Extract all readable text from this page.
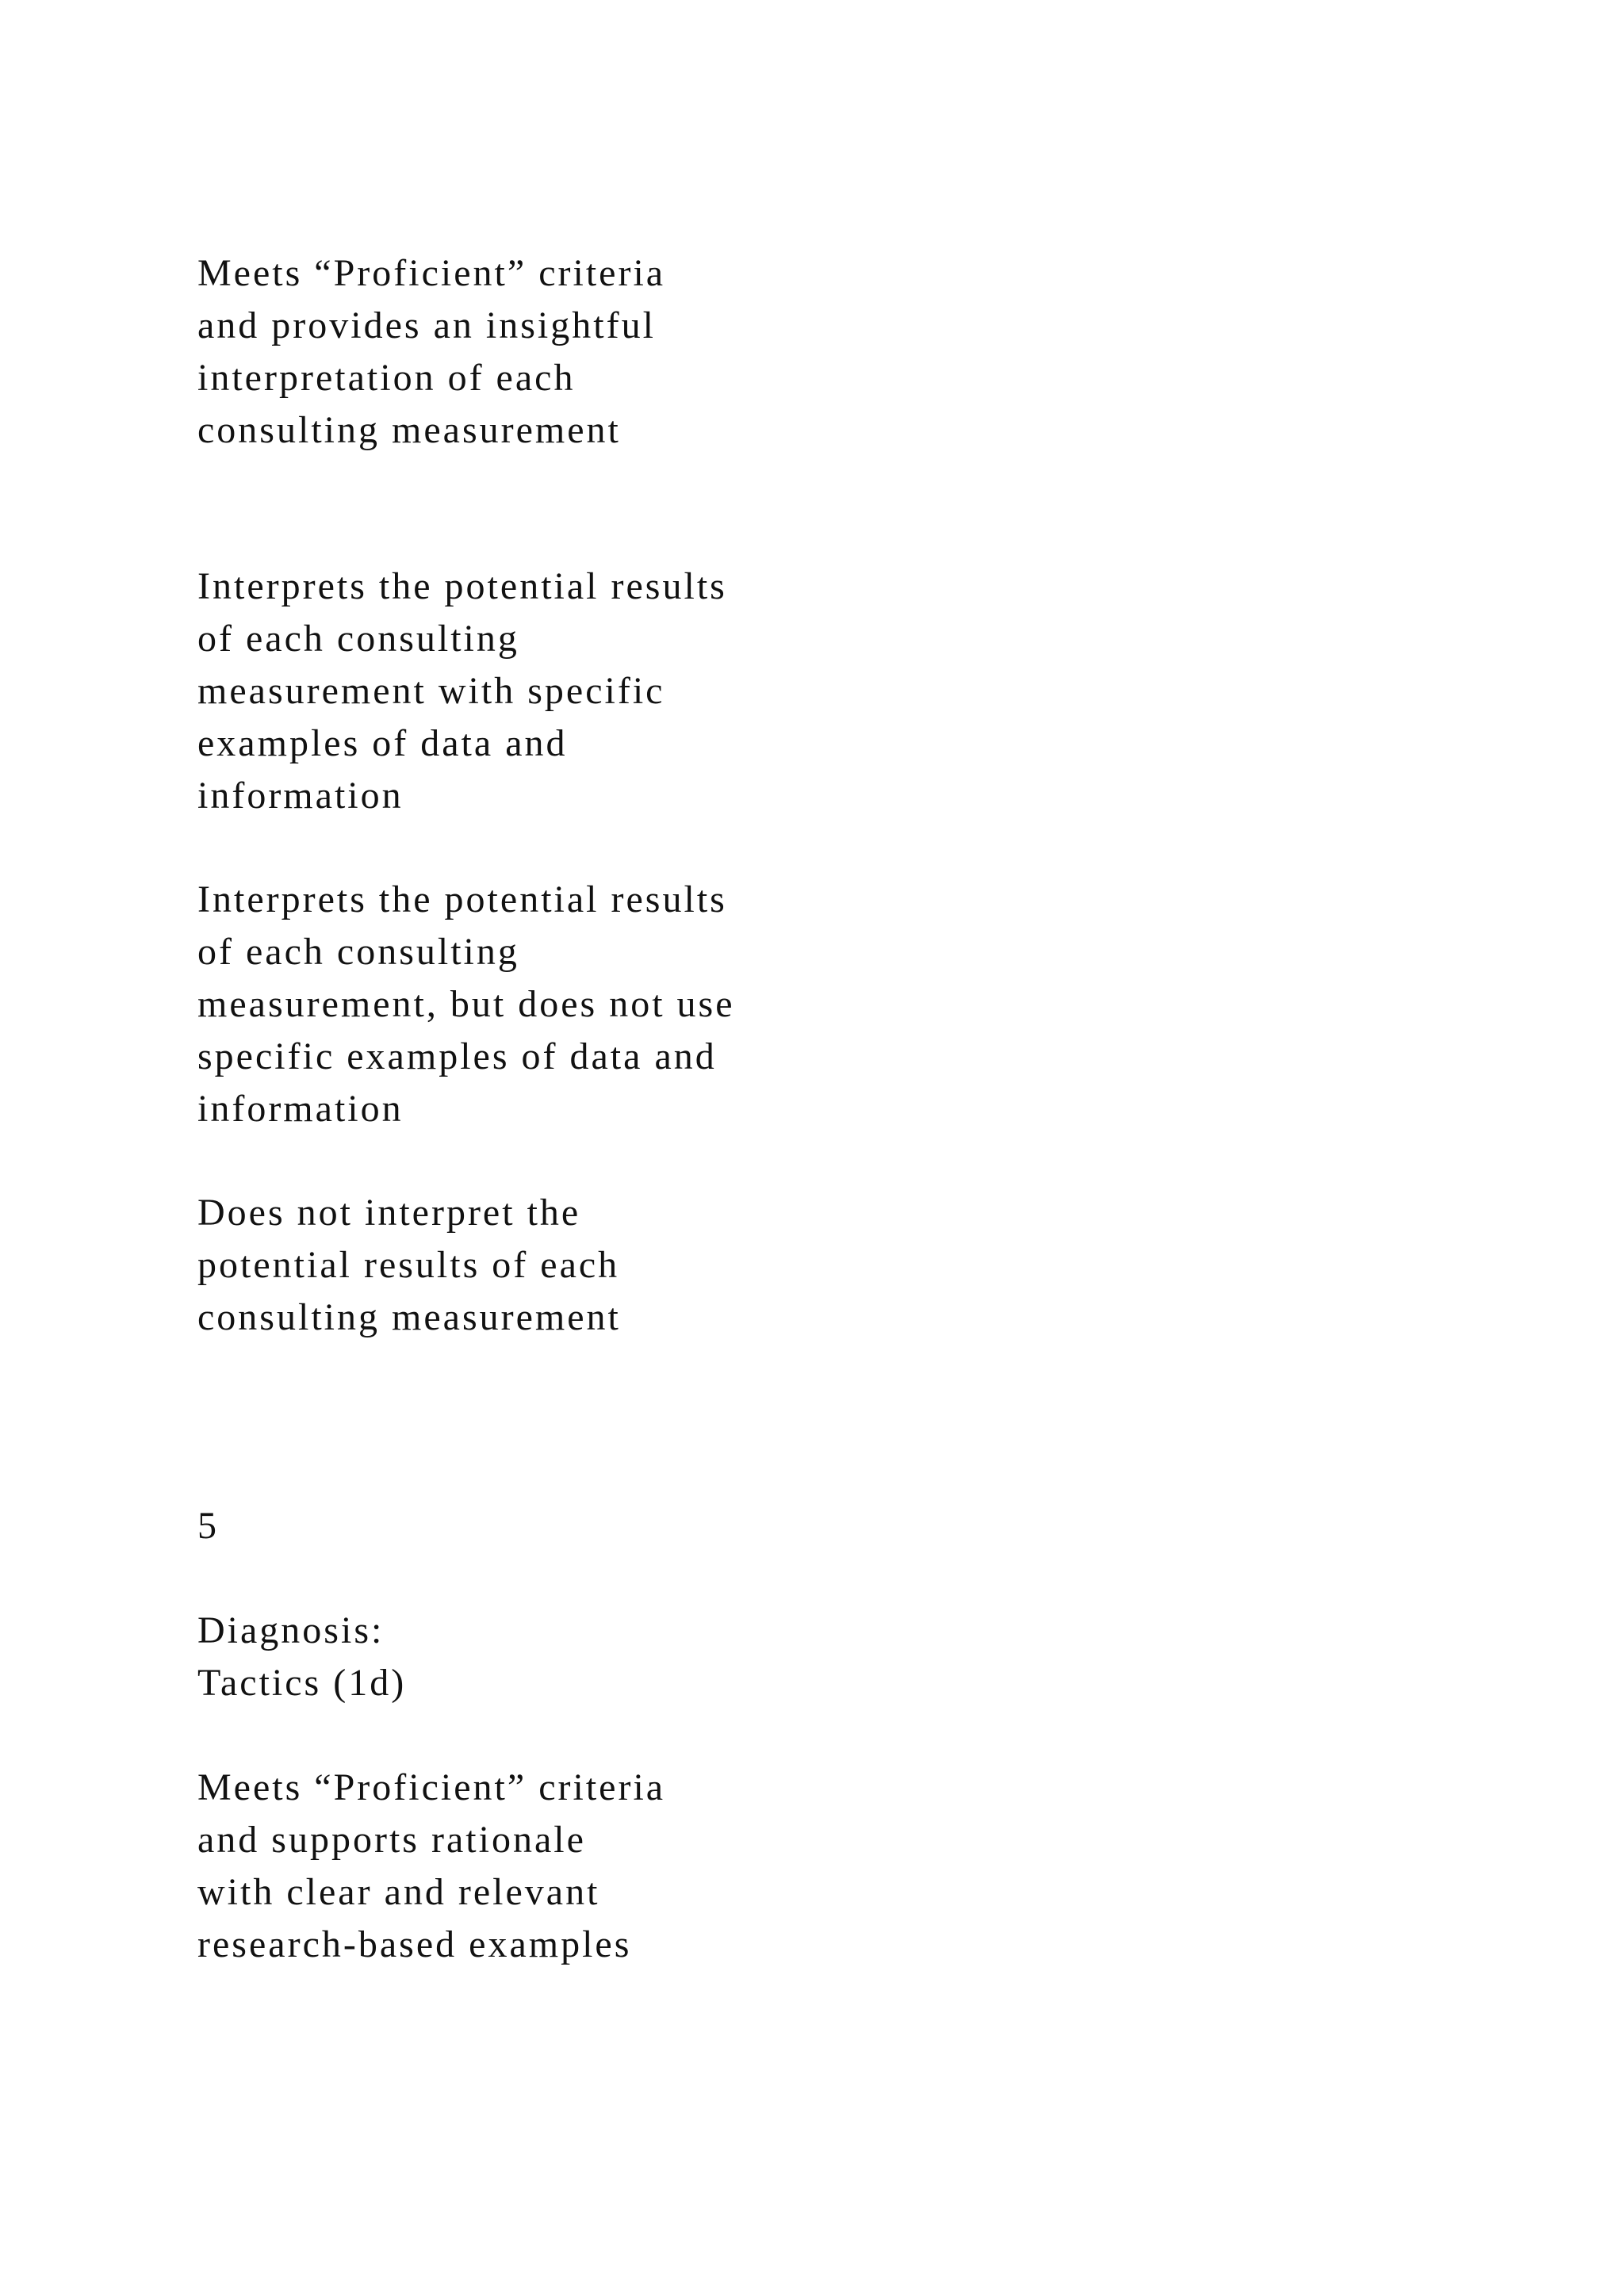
Meets “Proficient” criteria
and provides an insightful
interpretation of each
consulting measurement
Interprets the potential results
of each consulting
measurement with specific
examples of data and
information
Interprets the potential results
of each consulting
measurement, but does not use
specific examples of data and
information
Does not interpret the
potential results of each
consulting measurement
5
Diagnosis:
Tactics (1d)
Meets “Proficient” criteria
and supports rationale
with clear and relevant
research-based examples
